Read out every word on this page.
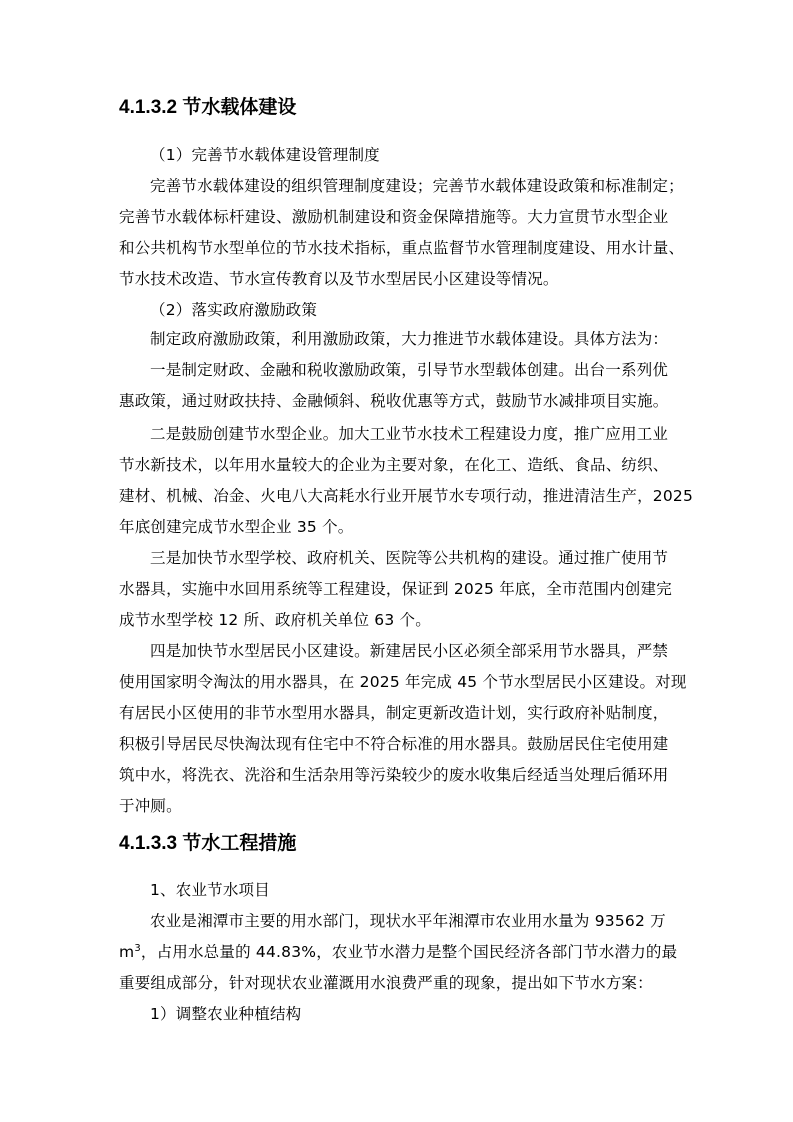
4.1.3.2 节水载体建设
（1）完善节水载体建设管理制度
完善节水载体建设的组织管理制度建设；完善节水载体建设政策和标准制定；
完善节水载体标杆建设、激励机制建设和资金保障措施等。大力宣贯节水型企业
和公共机构节水型单位的节水技术指标，重点监督节水管理制度建设、用水计量、
节水技术改造、节水宣传教育以及节水型居民小区建设等情况。
（2）落实政府激励政策
制定政府激励政策，利用激励政策，大力推进节水载体建设。具体方法为：
一是制定财政、金融和税收激励政策，引导节水型载体创建。出台一系列优
惠政策，通过财政扶持、金融倾斜、税收优惠等方式，鼓励节水减排项目实施。
二是鼓励创建节水型企业。加大工业节水技术工程建设力度，推广应用工业
节水新技术，以年用水量较大的企业为主要对象，在化工、造纸、食品、纺织、
建材、机械、冶金、火电八大高耗水行业开展节水专项行动，推进清洁生产，2025
年底创建完成节水型企业 35 个。
三是加快节水型学校、政府机关、医院等公共机构的建设。通过推广使用节
水器具，实施中水回用系统等工程建设，保证到 2025 年底，全市范围内创建完
成节水型学校 12 所、政府机关单位 63 个。
四是加快节水型居民小区建设。新建居民小区必须全部采用节水器具，严禁
使用国家明令淘汰的用水器具，在 2025 年完成 45 个节水型居民小区建设。对现
有居民小区使用的非节水型用水器具，制定更新改造计划，实行政府补贴制度，
积极引导居民尽快淘汰现有住宅中不符合标准的用水器具。鼓励居民住宅使用建
筑中水，将洗衣、洗浴和生活杂用等污染较少的废水收集后经适当处理后循环用
于冲厕。
4.1.3.3 节水工程措施
1、农业节水项目
农业是湘潭市主要的用水部门，现状水平年湘潭市农业用水量为 93562 万
$m^3$，占用水总量的 44.83%，农业节水潜力是整个国民经济各部门节水潜力的最
重要组成部分，针对现状农业灌溉用水浪费严重的现象，提出如下节水方案：
1）调整农业种植结构
